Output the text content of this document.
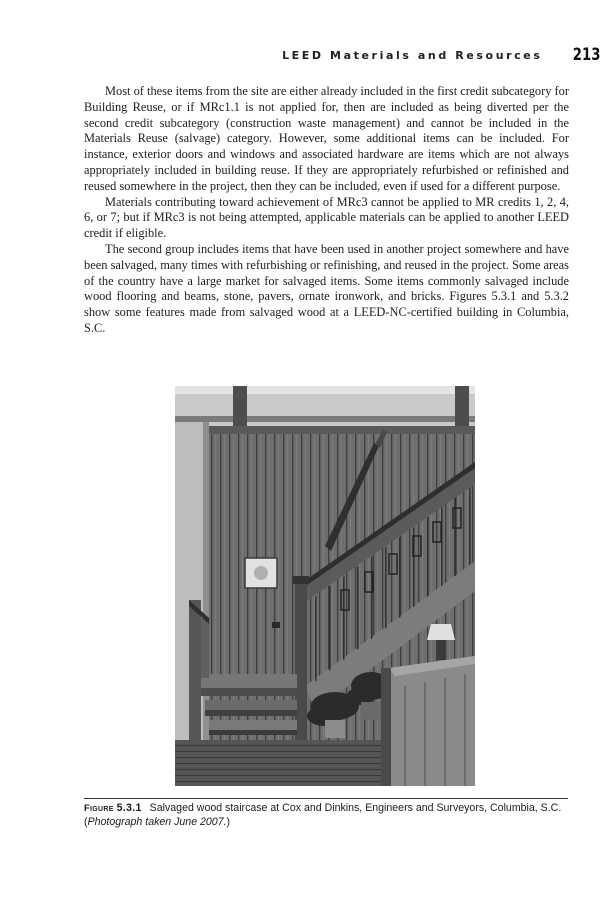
LEED Materials and Resources 213

Most of these items from the site are either already included in the first credit subcategory for Building Reuse, or if MRc1.1 is not applied for, then are included as being diverted per the second credit subcategory (construction waste management) and cannot be included in the Materials Reuse (salvage) category. However, some additional items can be included. For instance, exterior doors and windows and associated hardware are items which are not always appropriately included in building reuse. If they are appropriately refurbished or refinished and reused somewhere in the project, then they can be included, even if used for a different purpose.

Materials contributing toward achievement of MRc3 cannot be applied to MR credits 1, 2, 4, 6, or 7; but if MRc3 is not being attempted, applicable materials can be applied to another LEED credit if eligible.

The second group includes items that have been used in another project somewhere and have been salvaged, many times with refurbishing or refinishing, and reused in the project. Some areas of the country have a large market for salvaged items. Some items commonly salvaged include wood flooring and beams, stone, pavers, ornate ironwork, and bricks. Figures 5.3.1 and 5.3.2 show some features made from salvaged wood at a LEED-NC-certified building in Columbia, S.C.

Figure 5.3.1 Salvaged wood staircase at Cox and Dinkins, Engineers and Surveyors, Columbia, S.C. (Photograph taken June 2007.)
